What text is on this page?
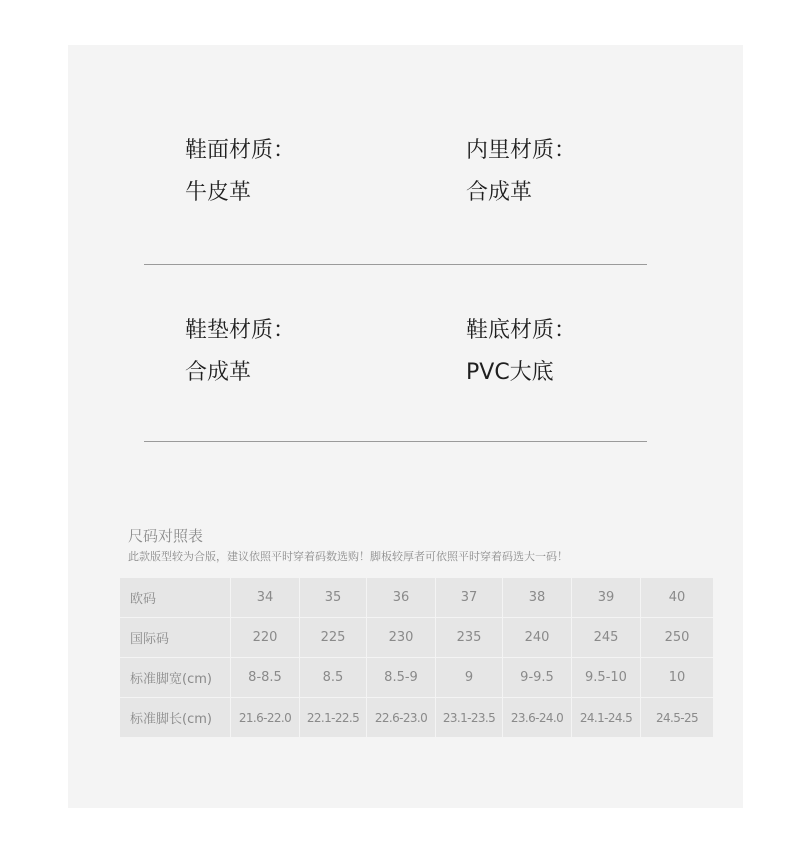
鞋面材质：
牛皮革
内里材质：
合成革
鞋垫材质：
合成革
鞋底材质：
PVC大底
尺码对照表
此款版型较为合版，建议依照平时穿着码数选购！脚板较厚者可依照平时穿着码选大一码！
欧码	34	35	36	37	38	39	40
国际码	220	225	230	235	240	245	250
标准脚宽(cm)	8-8.5	8.5	8.5-9	9	9-9.5	9.5-10	10
标准脚长(cm)	21.6-22.0	22.1-22.5	22.6-23.0	23.1-23.5	23.6-24.0	24.1-24.5	24.5-25
